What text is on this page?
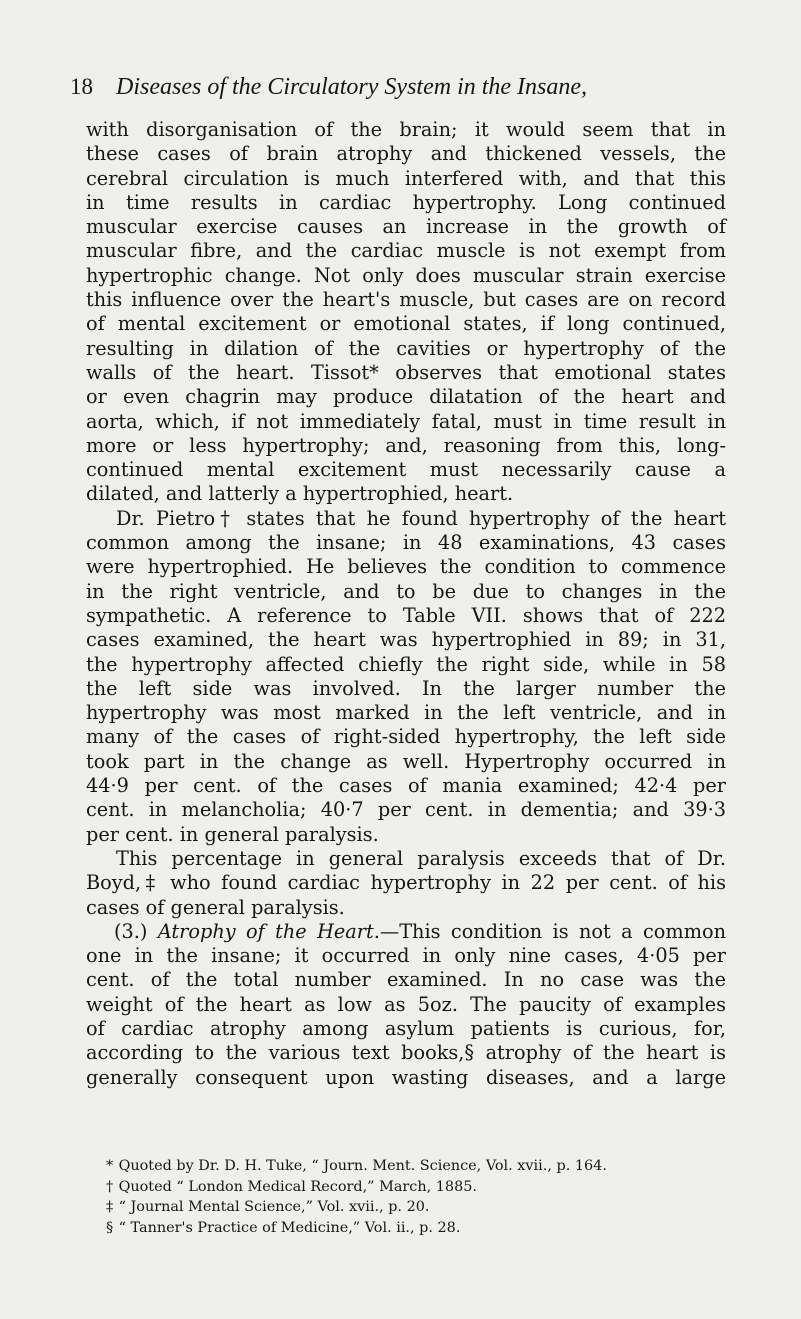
18 Diseases of the Circulatory System in the Insane,
with disorganisation of the brain; it would seem that in
these cases of brain atrophy and thickened vessels, the
cerebral circulation is much interfered with, and that this
in time results in cardiac hypertrophy. Long continued
muscular exercise causes an increase in the growth of
muscular fibre, and the cardiac muscle is not exempt from
hypertrophic change. Not only does muscular strain exercise
this influence over the heart's muscle, but cases are on record
of mental excitement or emotional states, if long continued,
resulting in dilation of the cavities or hypertrophy of the
walls of the heart. Tissot* observes that emotional states
or even chagrin may produce dilatation of the heart and
aorta, which, if not immediately fatal, must in time result in
more or less hypertrophy; and, reasoning from this, long-
continued mental excitement must necessarily cause a
dilated, and latterly a hypertrophied, heart.
Dr. Pietro† states that he found hypertrophy of the heart
common among the insane; in 48 examinations, 43 cases
were hypertrophied. He believes the condition to commence
in the right ventricle, and to be due to changes in the
sympathetic. A reference to Table VII. shows that of 222
cases examined, the heart was hypertrophied in 89; in 31,
the hypertrophy affected chiefly the right side, while in 58
the left side was involved. In the larger number the
hypertrophy was most marked in the left ventricle, and in
many of the cases of right-sided hypertrophy, the left side
took part in the change as well. Hypertrophy occurred in
44·9 per cent. of the cases of mania examined; 42·4 per
cent. in melancholia; 40·7 per cent. in dementia; and 39·3
per cent. in general paralysis.
This percentage in general paralysis exceeds that of Dr.
Boyd,‡ who found cardiac hypertrophy in 22 per cent. of his
cases of general paralysis.
(3.) Atrophy of the Heart.—This condition is not a common
one in the insane; it occurred in only nine cases, 4·05 per
cent. of the total number examined. In no case was the
weight of the heart as low as 5oz. The paucity of examples
of cardiac atrophy among asylum patients is curious, for,
according to the various text books,§ atrophy of the heart is
generally consequent upon wasting diseases, and a large
* Quoted by Dr. D. H. Tuke, “ Journ. Ment. Science, Vol. xvii., p. 164.
† Quoted “ London Medical Record,” March, 1885.
‡ “ Journal Mental Science,” Vol. xvii., p. 20.
§ “ Tanner's Practice of Medicine,” Vol. ii., p. 28.
